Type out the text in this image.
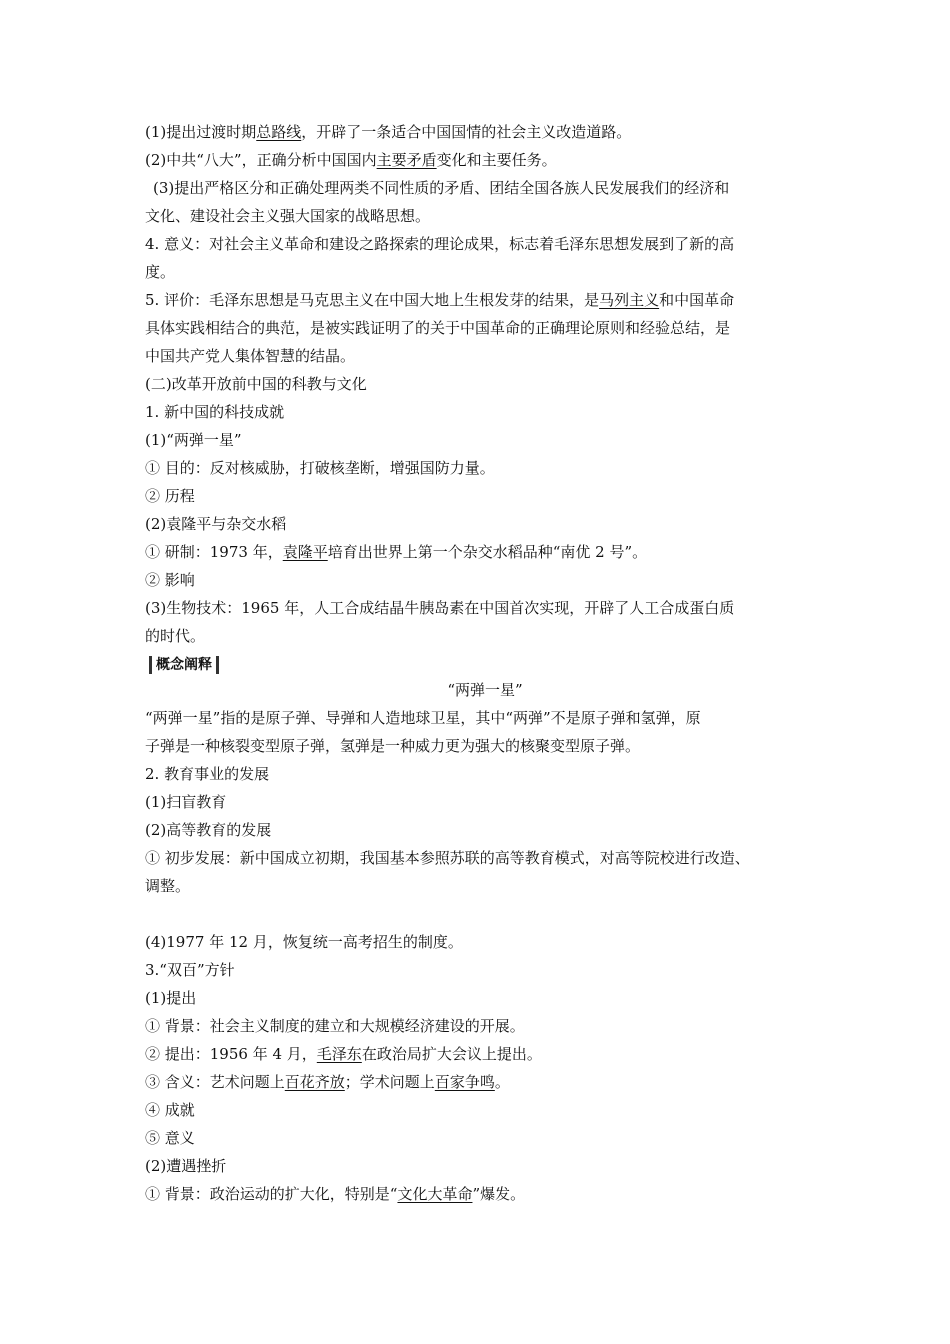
(1)提出过渡时期总路线，开辟了一条适合中国国情的社会主义改造道路。
(2)中共“八大”，正确分析中国国内主要矛盾变化和主要任务。
(3)提出严格区分和正确处理两类不同性质的矛盾、团结全国各族人民发展我们的经济和
文化、建设社会主义强大国家的战略思想。
4. 意义：对社会主义革命和建设之路探索的理论成果，标志着毛泽东思想发展到了新的高
度。
5. 评价：毛泽东思想是马克思主义在中国大地上生根发芽的结果，是马列主义和中国革命
具体实践相结合的典范，是被实践证明了的关于中国革命的正确理论原则和经验总结，是
中国共产党人集体智慧的结晶。
(二)改革开放前中国的科教与文化
1. 新中国的科技成就
(1)“两弹一星”
① 目的：反对核威胁，打破核垄断，增强国防力量。
② 历程
(2)袁隆平与杂交水稻
① 研制：1973 年，袁隆平培育出世界上第一个杂交水稻品种“南优 2 号”。
② 影响
(3)生物技术：1965 年，人工合成结晶牛胰岛素在中国首次实现，开辟了人工合成蛋白质
的时代。
概念阐释
“两弹一星”
“两弹一星”指的是原子弹、导弹和人造地球卫星，其中“两弹”不是原子弹和氢弹，原
子弹是一种核裂变型原子弹，氢弹是一种威力更为强大的核聚变型原子弹。
2. 教育事业的发展
(1)扫盲教育
(2)高等教育的发展
① 初步发展：新中国成立初期，我国基本参照苏联的高等教育模式，对高等院校进行改造、
调整。
(4)1977 年 12 月，恢复统一高考招生的制度。
3.“双百”方针
(1)提出
① 背景：社会主义制度的建立和大规模经济建设的开展。
② 提出：1956 年 4 月，毛泽东在政治局扩大会议上提出。
③ 含义：艺术问题上百花齐放；学术问题上百家争鸣。
④ 成就
⑤ 意义
(2)遭遇挫折
① 背景：政治运动的扩大化，特别是“文化大革命”爆发。
